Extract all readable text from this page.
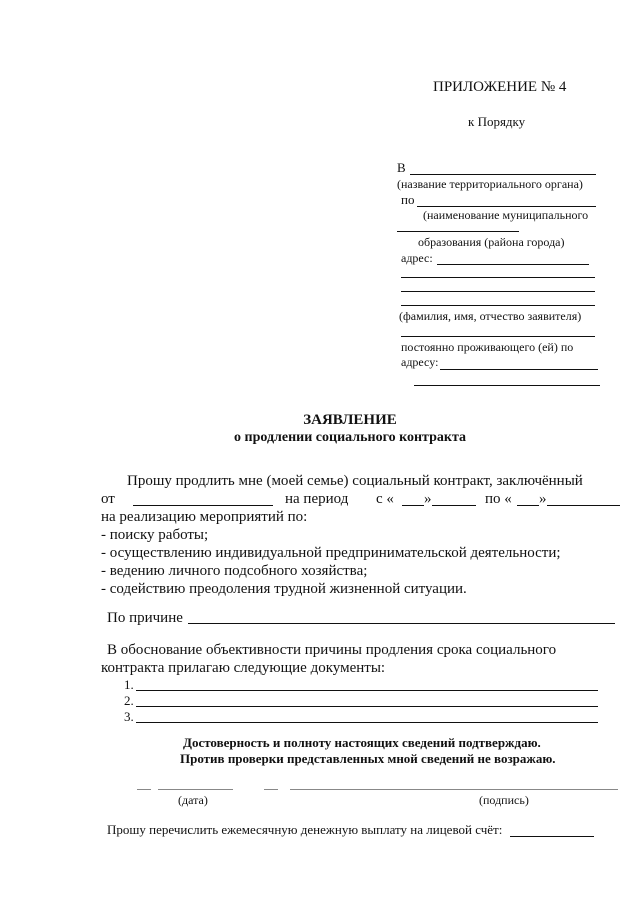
ПРИЛОЖЕНИЕ № 4
к Порядку
В
(название территориального органа)
по
(наименование муниципального
образования (района города)
адрес:
(фамилия, имя, отчество заявителя)
постоянно проживающего (ей) по
адресу:
ЗАЯВЛЕНИЕ
о продлении социального контракта
Прошу продлить мне (моей семье) социальный контракт, заключённый
от	на период с « »	по « »
на реализацию мероприятий по:
- поиску работы;
- осуществлению индивидуальной предпринимательской деятельности;
- ведению личного подсобного хозяйства;
- содействию преодоления трудной жизненной ситуации.
По причине
В обоснование объективности причины продления срока социального
контракта прилагаю следующие документы:
1.
2.
3.
Достоверность и полноту настоящих сведений подтверждаю.
Против проверки представленных мной сведений не возражаю.
(дата)	(подпись)
Прошу перечислить ежемесячную денежную выплату на лицевой счёт:
